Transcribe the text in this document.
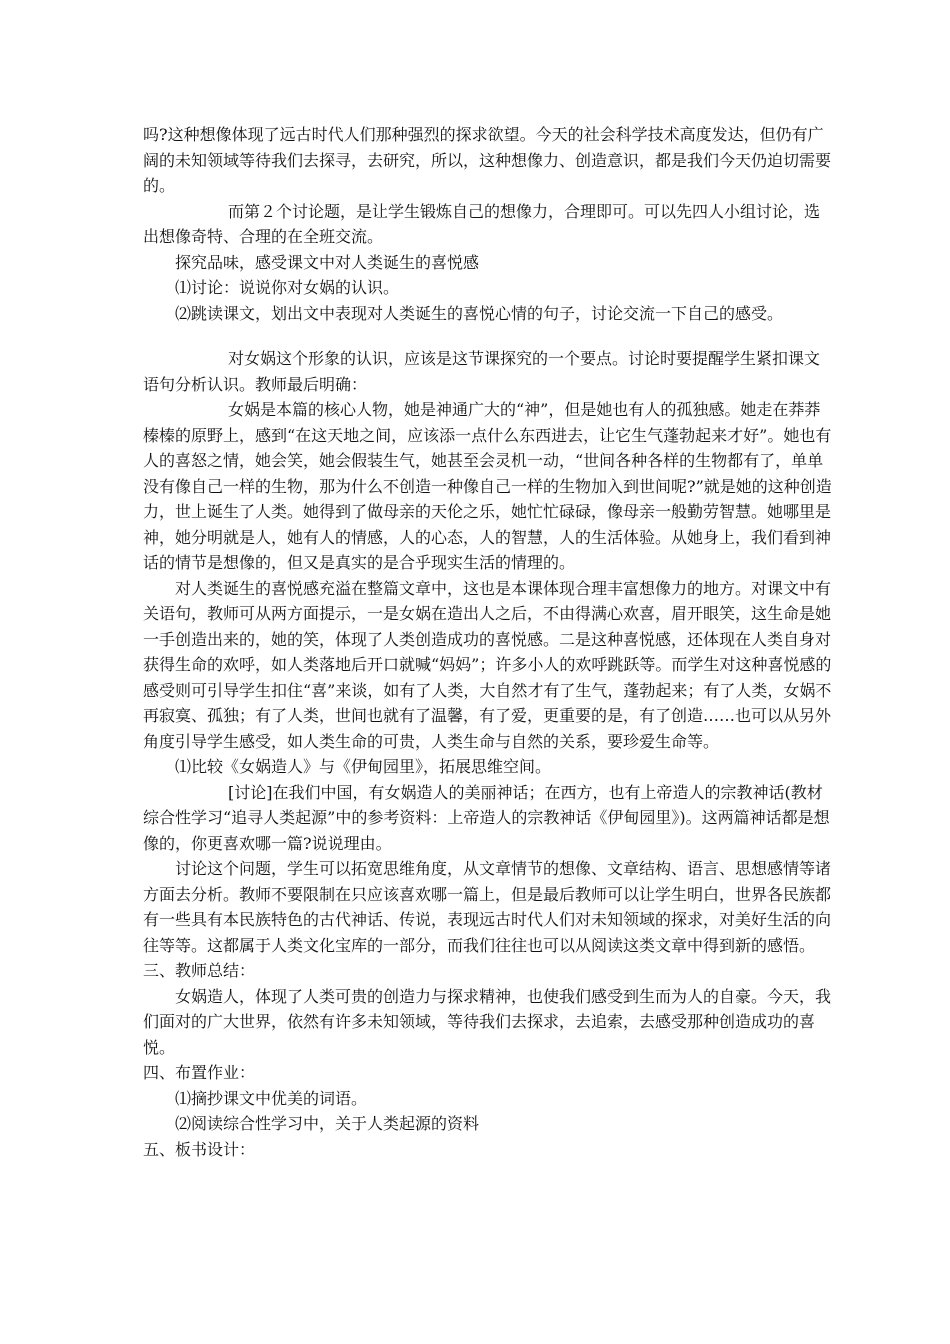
吗?这种想像体现了远古时代人们那种强烈的探求欲望。今天的社会科学技术高度发达，但仍有广阔的未知领域等待我们去探寻，去研究，所以，这种想像力、创造意识，都是我们今天仍迫切需要的。

而第２个讨论题，是让学生锻炼自己的想像力，合理即可。可以先四人小组讨论，选出想像奇特、合理的在全班交流。

探究品味，感受课文中对人类诞生的喜悦感

⑴讨论：说说你对女娲的认识。

⑵跳读课文，划出文中表现对人类诞生的喜悦心情的句子，讨论交流一下自己的感受。

对女娲这个形象的认识，应该是这节课探究的一个要点。讨论时要提醒学生紧扣课文语句分析认识。教师最后明确：

女娲是本篇的核心人物，她是神通广大的“神”，但是她也有人的孤独感。她走在莽莽榛榛的原野上，感到“在这天地之间，应该添一点什么东西进去，让它生气蓬勃起来才好”。她也有人的喜怒之情，她会笑，她会假装生气，她甚至会灵机一动，“世间各种各样的生物都有了，单单没有像自己一样的生物，那为什么不创造一种像自己一样的生物加入到世间呢?”就是她的这种创造力，世上诞生了人类。她得到了做母亲的天伦之乐，她忙忙碌碌，像母亲一般勤劳智慧。她哪里是神，她分明就是人，她有人的情感，人的心态，人的智慧，人的生活体验。从她身上，我们看到神话的情节是想像的，但又是真实的是合乎现实生活的情理的。

对人类诞生的喜悦感充溢在整篇文章中，这也是本课体现合理丰富想像力的地方。对课文中有关语句，教师可从两方面提示，一是女娲在造出人之后，不由得满心欢喜，眉开眼笑，这生命是她一手创造出来的，她的笑，体现了人类创造成功的喜悦感。二是这种喜悦感，还体现在人类自身对获得生命的欢呼，如人类落地后开口就喊“妈妈”；许多小人的欢呼跳跃等。而学生对这种喜悦感的感受则可引导学生扣住“喜”来谈，如有了人类，大自然才有了生气，蓬勃起来；有了人类，女娲不再寂寞、孤独；有了人类，世间也就有了温馨，有了爱，更重要的是，有了创造……也可以从另外角度引导学生感受，如人类生命的可贵，人类生命与自然的关系，要珍爱生命等。

⑴比较《女娲造人》与《伊甸园里》，拓展思维空间。

[讨论]在我们中国，有女娲造人的美丽神话；在西方，也有上帝造人的宗教神话(教材综合性学习“追寻人类起源”中的参考资料：上帝造人的宗教神话《伊甸园里》)。这两篇神话都是想像的，你更喜欢哪一篇?说说理由。

讨论这个问题，学生可以拓宽思维角度，从文章情节的想像、文章结构、语言、思想感情等诸方面去分析。教师不要限制在只应该喜欢哪一篇上，但是最后教师可以让学生明白，世界各民族都有一些具有本民族特色的古代神话、传说，表现远古时代人们对未知领域的探求，对美好生活的向往等等。这都属于人类文化宝库的一部分，而我们往往也可以从阅读这类文章中得到新的感悟。

三、教师总结：

女娲造人，体现了人类可贵的创造力与探求精神，也使我们感受到生而为人的自豪。今天，我们面对的广大世界，依然有许多未知领域，等待我们去探求，去追索，去感受那种创造成功的喜悦。

四、布置作业：

⑴摘抄课文中优美的词语。

⑵阅读综合性学习中，关于人类起源的资料

五、板书设计：
